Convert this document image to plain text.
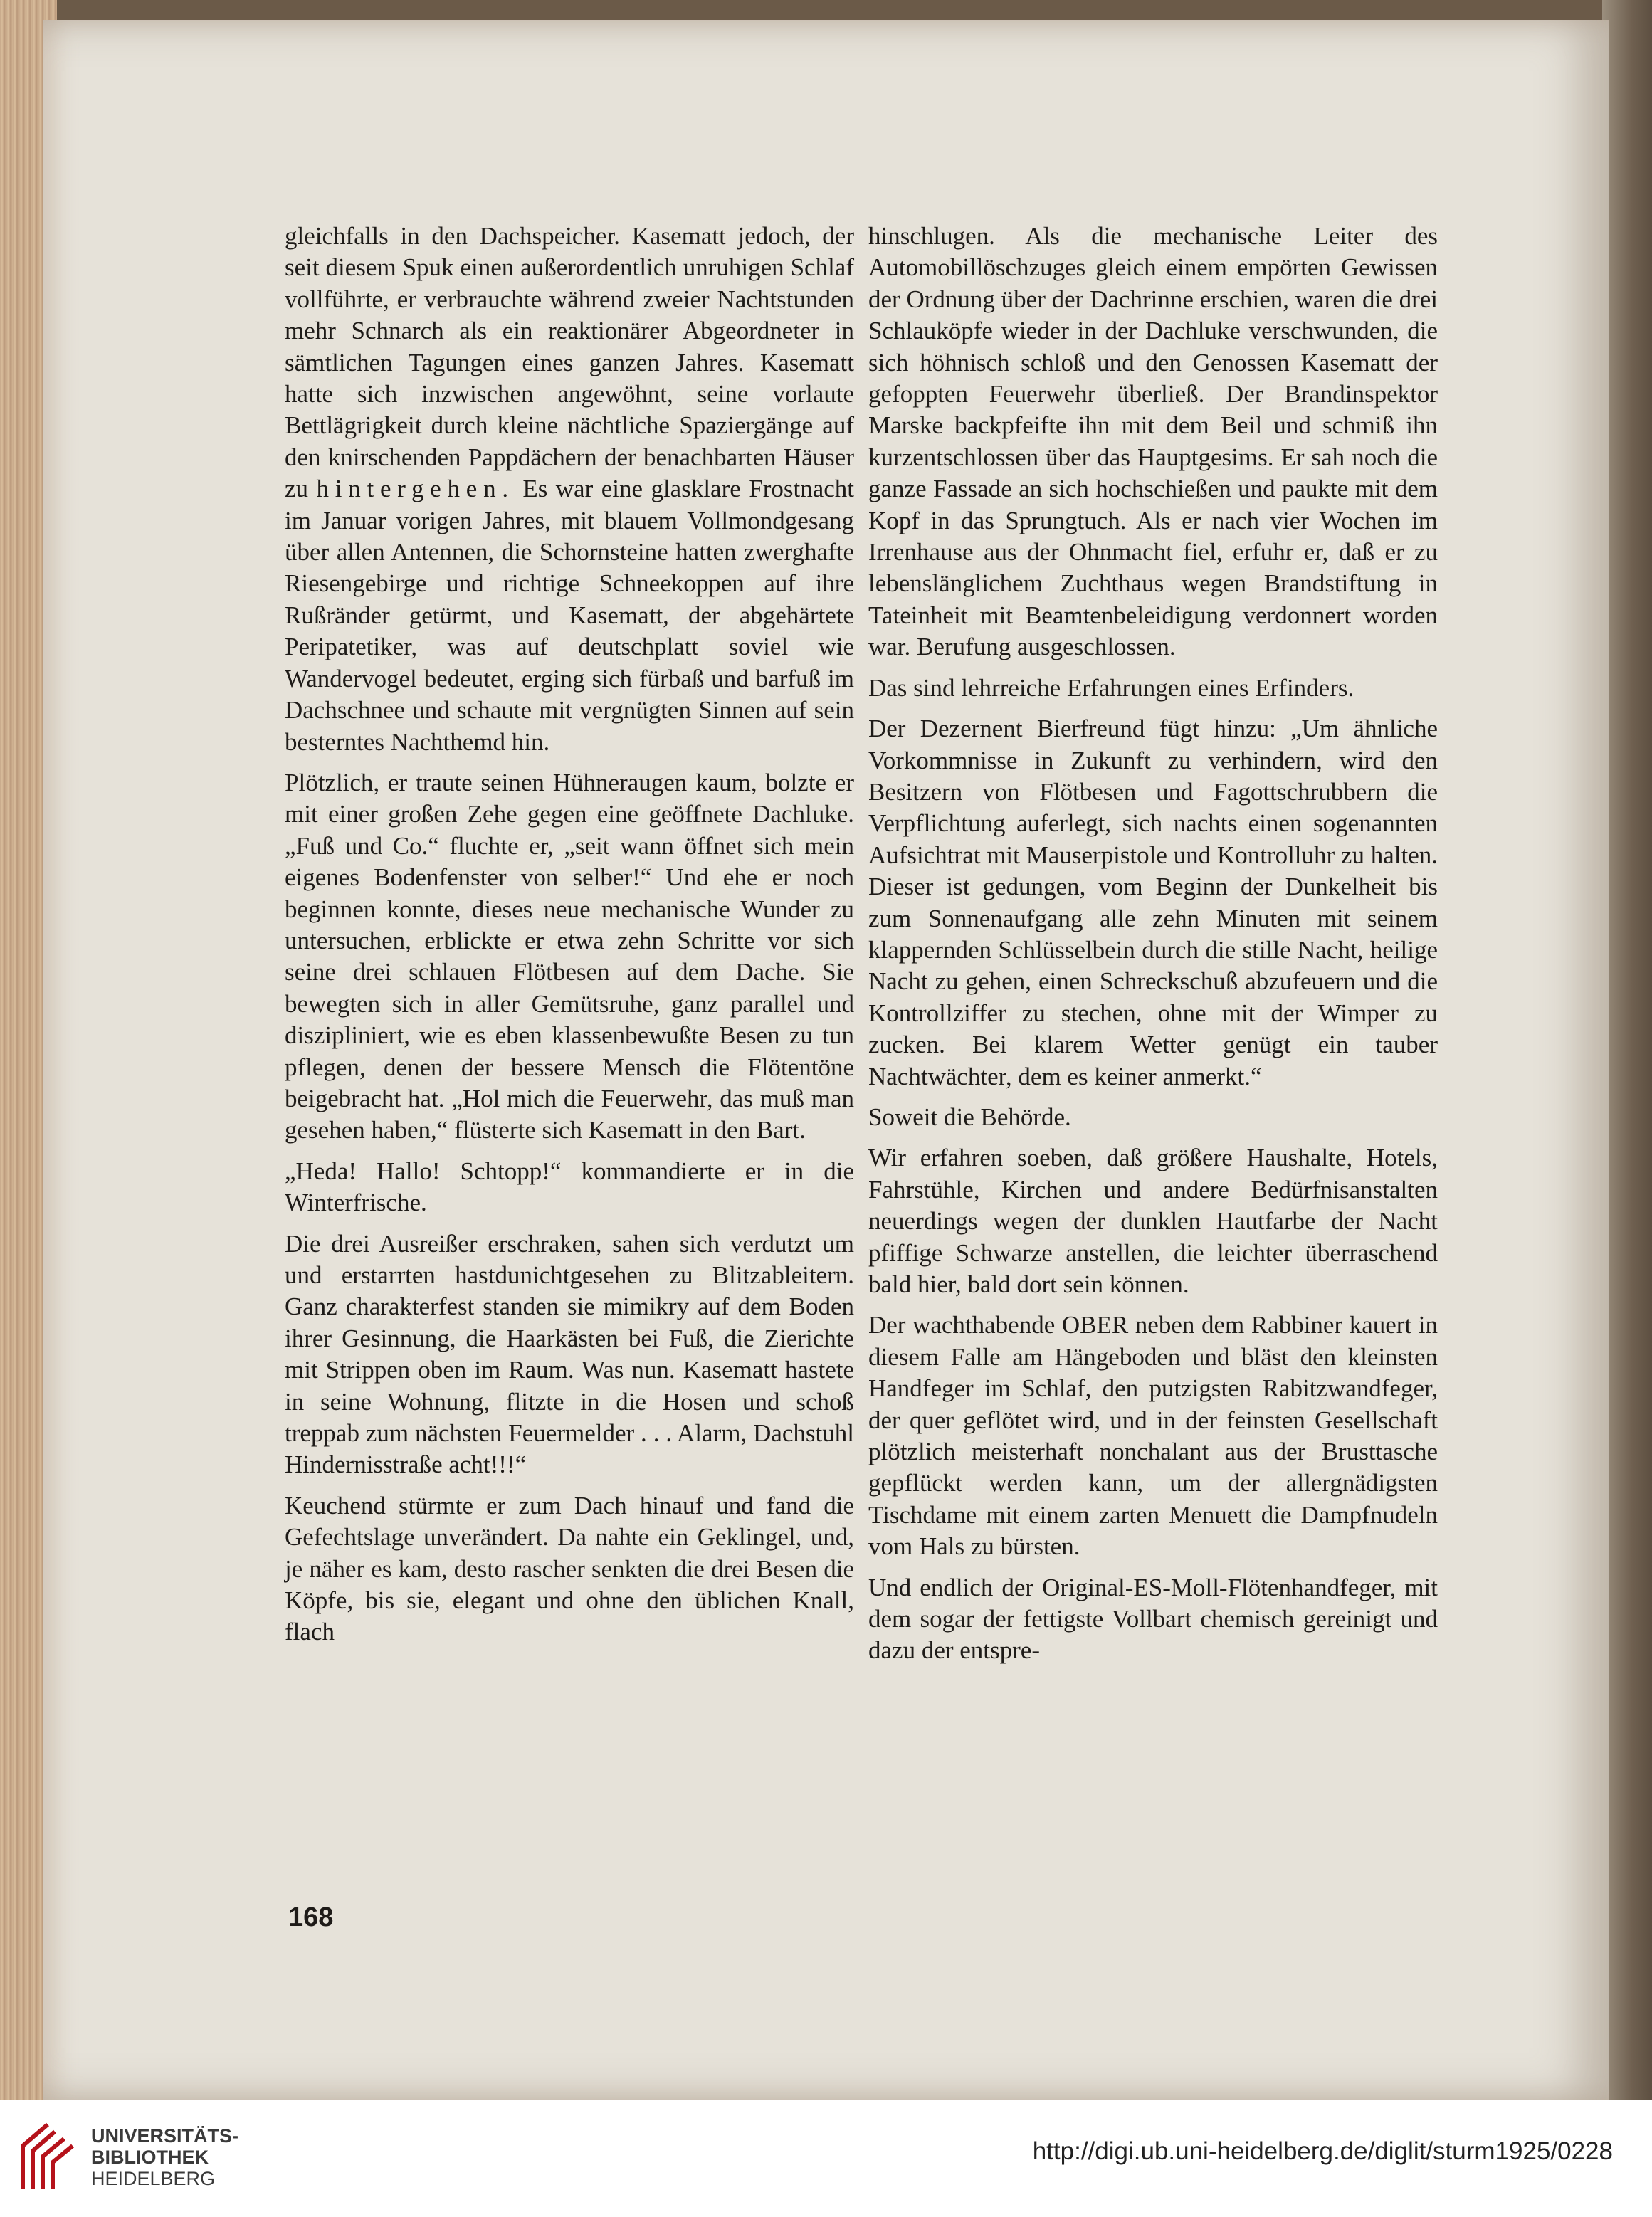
gleichfalls in den Dachspeicher. Kasematt jedoch, der seit diesem Spuk einen außerordentlich unruhigen Schlaf vollführte, er verbrauchte während zweier Nachtstunden mehr Schnarch als ein reaktionärer Abgeordneter in sämtlichen Tagungen eines ganzen Jahres. Kasematt hatte sich inzwischen angewöhnt, seine vorlaute Bettlägrigkeit durch kleine nächtliche Spaziergänge auf den knirschenden Pappdächern der benachbarten Häuser zu hintergehen. Es war eine glasklare Frostnacht im Januar vorigen Jahres, mit blauem Vollmondgesang über allen Antennen, die Schornsteine hatten zwerghafte Riesengebirge und richtige Schneekoppen auf ihre Rußränder getürmt, und Kasematt, der abgehärtete Peripatetiker, was auf deutschplatt soviel wie Wandervogel bedeutet, erging sich fürbaß und barfuß im Dachschnee und schaute mit vergnügten Sinnen auf sein besterntes Nachthemd hin.

Plötzlich, er traute seinen Hühneraugen kaum, bolzte er mit einer großen Zehe gegen eine geöffnete Dachluke. „Fuß und Co.“ fluchte er, „seit wann öffnet sich mein eigenes Bodenfenster von selber!“ Und ehe er noch beginnen konnte, dieses neue mechanische Wunder zu untersuchen, erblickte er etwa zehn Schritte vor sich seine drei schlauen Flötbesen auf dem Dache. Sie bewegten sich in aller Gemütsruhe, ganz parallel und diszipliniert, wie es eben klassenbewußte Besen zu tun pflegen, denen der bessere Mensch die Flötentöne beigebracht hat. „Hol mich die Feuerwehr, das muß man gesehen haben,“ flüsterte sich Kasematt in den Bart.

„Heda! Hallo! Schtopp!“ kommandierte er in die Winterfrische.

Die drei Ausreißer erschraken, sahen sich verdutzt um und erstarrten hastdunichtgesehen zu Blitzableitern. Ganz charakterfest standen sie mimikry auf dem Boden ihrer Gesinnung, die Haarkästen bei Fuß, die Zierichte mit Strippen oben im Raum. Was nun. Kasematt hastete in seine Wohnung, flitzte in die Hosen und schoß treppab zum nächsten Feuermelder . . . Alarm, Dachstuhl Hindernisstraße acht!!!“

Keuchend stürmte er zum Dach hinauf und fand die Gefechtslage unverändert. Da nahte ein Geklingel, und, je näher es kam, desto rascher senkten die drei Besen die Köpfe, bis sie, elegant und ohne den üblichen Knall, flach

hinschlugen. Als die mechanische Leiter des Automobillöschzuges gleich einem empörten Gewissen der Ordnung über der Dachrinne erschien, waren die drei Schlauköpfe wieder in der Dachluke verschwunden, die sich höhnisch schloß und den Genossen Kasematt der gefoppten Feuerwehr überließ. Der Brandinspektor Marske backpfeifte ihn mit dem Beil und schmiß ihn kurzentschlossen über das Hauptgesims. Er sah noch die ganze Fassade an sich hochschießen und paukte mit dem Kopf in das Sprungtuch. Als er nach vier Wochen im Irrenhause aus der Ohnmacht fiel, erfuhr er, daß er zu lebenslänglichem Zuchthaus wegen Brandstiftung in Tateinheit mit Beamtenbeleidigung verdonnert worden war. Berufung ausgeschlossen.

Das sind lehrreiche Erfahrungen eines Erfinders.

Der Dezernent Bierfreund fügt hinzu: „Um ähnliche Vorkommnisse in Zukunft zu verhindern, wird den Besitzern von Flötbesen und Fagottschrubbern die Verpflichtung auferlegt, sich nachts einen sogenannten Aufsichtrat mit Mauserpistole und Kontrolluhr zu halten. Dieser ist gedungen, vom Beginn der Dunkelheit bis zum Sonnenaufgang alle zehn Minuten mit seinem klappernden Schlüsselbein durch die stille Nacht, heilige Nacht zu gehen, einen Schreckschuß abzufeuern und die Kontrollziffer zu stechen, ohne mit der Wimper zu zucken. Bei klarem Wetter genügt ein tauber Nachtwächter, dem es keiner anmerkt.“

Soweit die Behörde.

Wir erfahren soeben, daß größere Haushalte, Hotels, Fahrstühle, Kirchen und andere Bedürfnisanstalten neuerdings wegen der dunklen Hautfarbe der Nacht pfiffige Schwarze anstellen, die leichter überraschend bald hier, bald dort sein können.

Der wachthabende OBER neben dem Rabbiner kauert in diesem Falle am Hängeboden und bläst den kleinsten Handfeger im Schlaf, den putzigsten Rabitzwandfeger, der quer geflötet wird, und in der feinsten Gesellschaft plötzlich meisterhaft nonchalant aus der Brusttasche gepflückt werden kann, um der allergnädigsten Tischdame mit einem zarten Menuett die Dampfnudeln vom Hals zu bürsten.

Und endlich der Original-ES-Moll-Flötenhandfeger, mit dem sogar der fettigste Vollbart chemisch gereinigt und dazu der entspre-

168
UNIVERSITÄTS-
BIBLIOTHEK
HEIDELBERG
http://digi.ub.uni-heidelberg.de/diglit/sturm1925/0228
